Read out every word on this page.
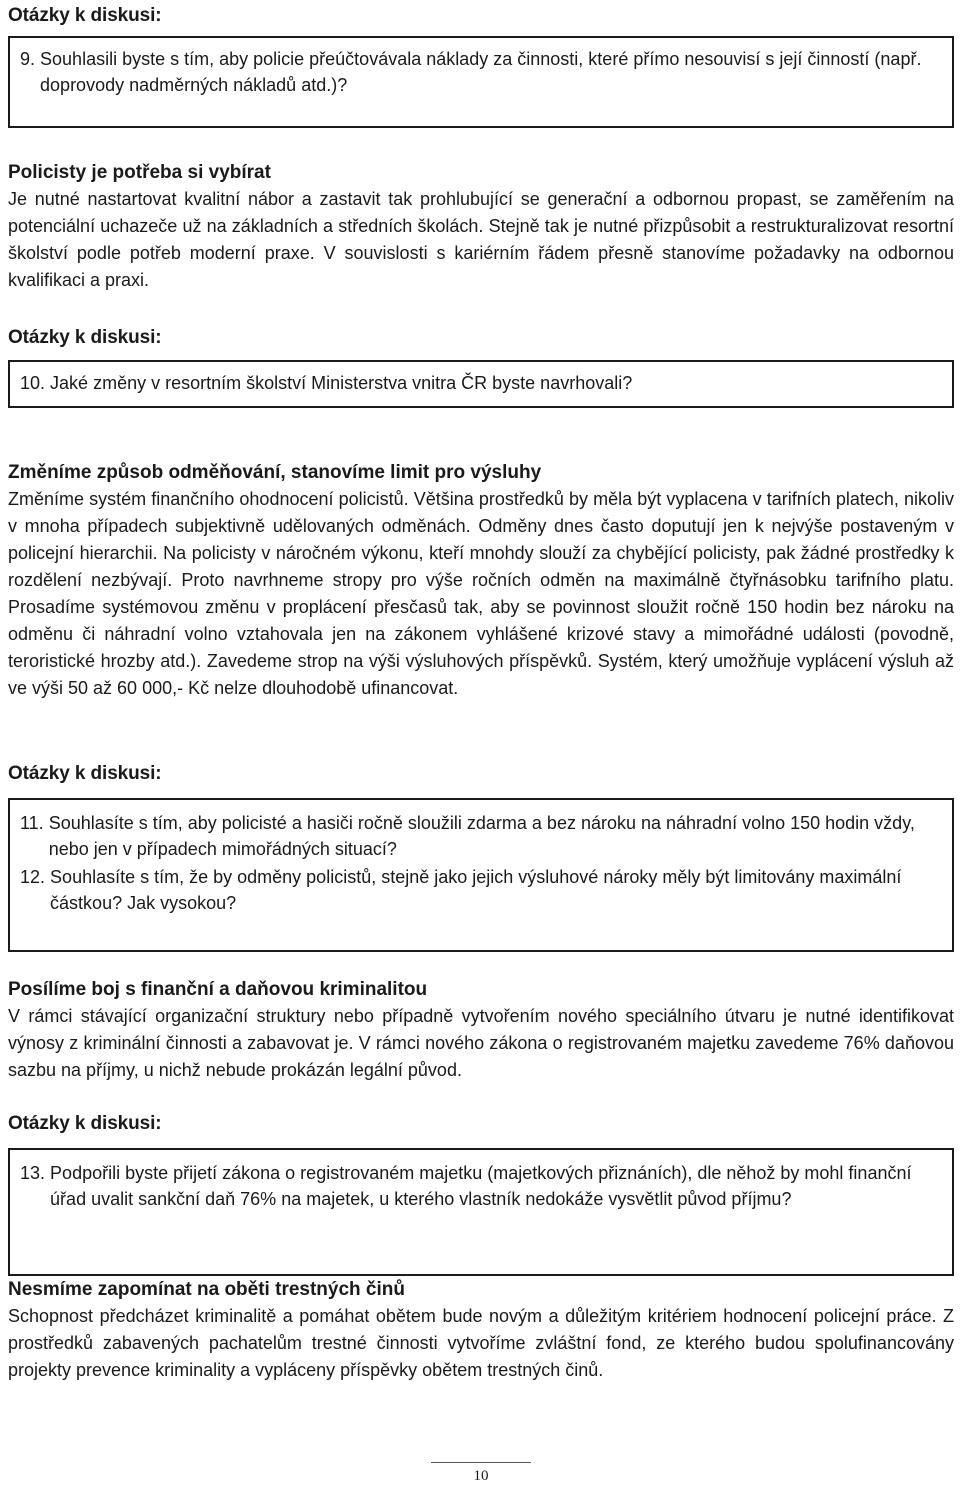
Otázky k diskusi:
9.
Souhlasili byste s tím, aby policie přeúčtovávala náklady za činnosti, které přímo nesouvisí s její činností (např. doprovody nadměrných nákladů atd.)?
Policisty je potřeba si vybírat

Je nutné nastartovat kvalitní nábor a zastavit tak prohlubující se generační a odbornou propast, se zaměřením na potenciální uchazeče už na základních a středních školách. Stejně tak je nutné přizpůsobit a restrukturalizovat resortní školství podle potřeb moderní praxe. V souvislosti s kariérním řádem přesně stanovíme požadavky na odbornou kvalifikaci a praxi.

Otázky k diskusi:
10.
Jaké změny v resortním školství Ministerstva vnitra ČR byste navrhovali?
Změníme způsob odměňování, stanovíme limit pro výsluhy

Změníme systém finančního ohodnocení policistů. Většina prostředků by měla být vyplacena v tarifních platech, nikoliv v mnoha případech subjektivně udělovaných odměnách. Odměny dnes často doputují jen k nejvýše postaveným v policejní hierarchii. Na policisty v náročném výkonu, kteří mnohdy slouží za chybějící policisty, pak žádné prostředky k rozdělení nezbývají. Proto navrhneme stropy pro výše ročních odměn na maximálně čtyřnásobku tarifního platu. Prosadíme systémovou změnu v proplácení přesčasů tak, aby se povinnost sloužit ročně 150 hodin bez nároku na odměnu či náhradní volno vztahovala jen na zákonem vyhlášené krizové stavy a mimořádné události (povodně, teroristické hrozby atd.). Zavedeme strop na výši výsluhových příspěvků. Systém, který umožňuje vyplácení výsluh až ve výši 50 až 60 000,- Kč nelze dlouhodobě ufinancovat.

Otázky k diskusi:
11.
Souhlasíte s tím, aby policisté a hasiči ročně sloužili zdarma a bez nároku na náhradní volno 150 hodin vždy, nebo jen v případech mimořádných situací?
12.
Souhlasíte s tím, že by odměny policistů, stejně jako jejich výsluhové nároky měly být limitovány maximální částkou? Jak vysokou?
Posílíme boj s finanční a daňovou kriminalitou

V rámci stávající organizační struktury nebo případně vytvořením nového speciálního útvaru je nutné identifikovat výnosy z kriminální činnosti a zabavovat je. V rámci nového zákona o registrovaném majetku zavedeme 76% daňovou sazbu na příjmy, u nichž nebude prokázán legální původ.

Otázky k diskusi:
13.
Podpořili byste přijetí zákona o registrovaném majetku (majetkových přiznáních), dle něhož by mohl finanční úřad uvalit sankční daň 76% na majetek, u kterého vlastník nedokáže vysvětlit původ příjmu?
Nesmíme zapomínat na oběti trestných činů

Schopnost předcházet kriminalitě a pomáhat obětem bude novým a důležitým kritériem hodnocení policejní práce. Z prostředků zabavených pachatelům trestné činnosti vytvoříme zvláštní fond, ze kterého budou spolufinancovány projekty prevence kriminality a vypláceny příspěvky obětem trestných činů.

10
